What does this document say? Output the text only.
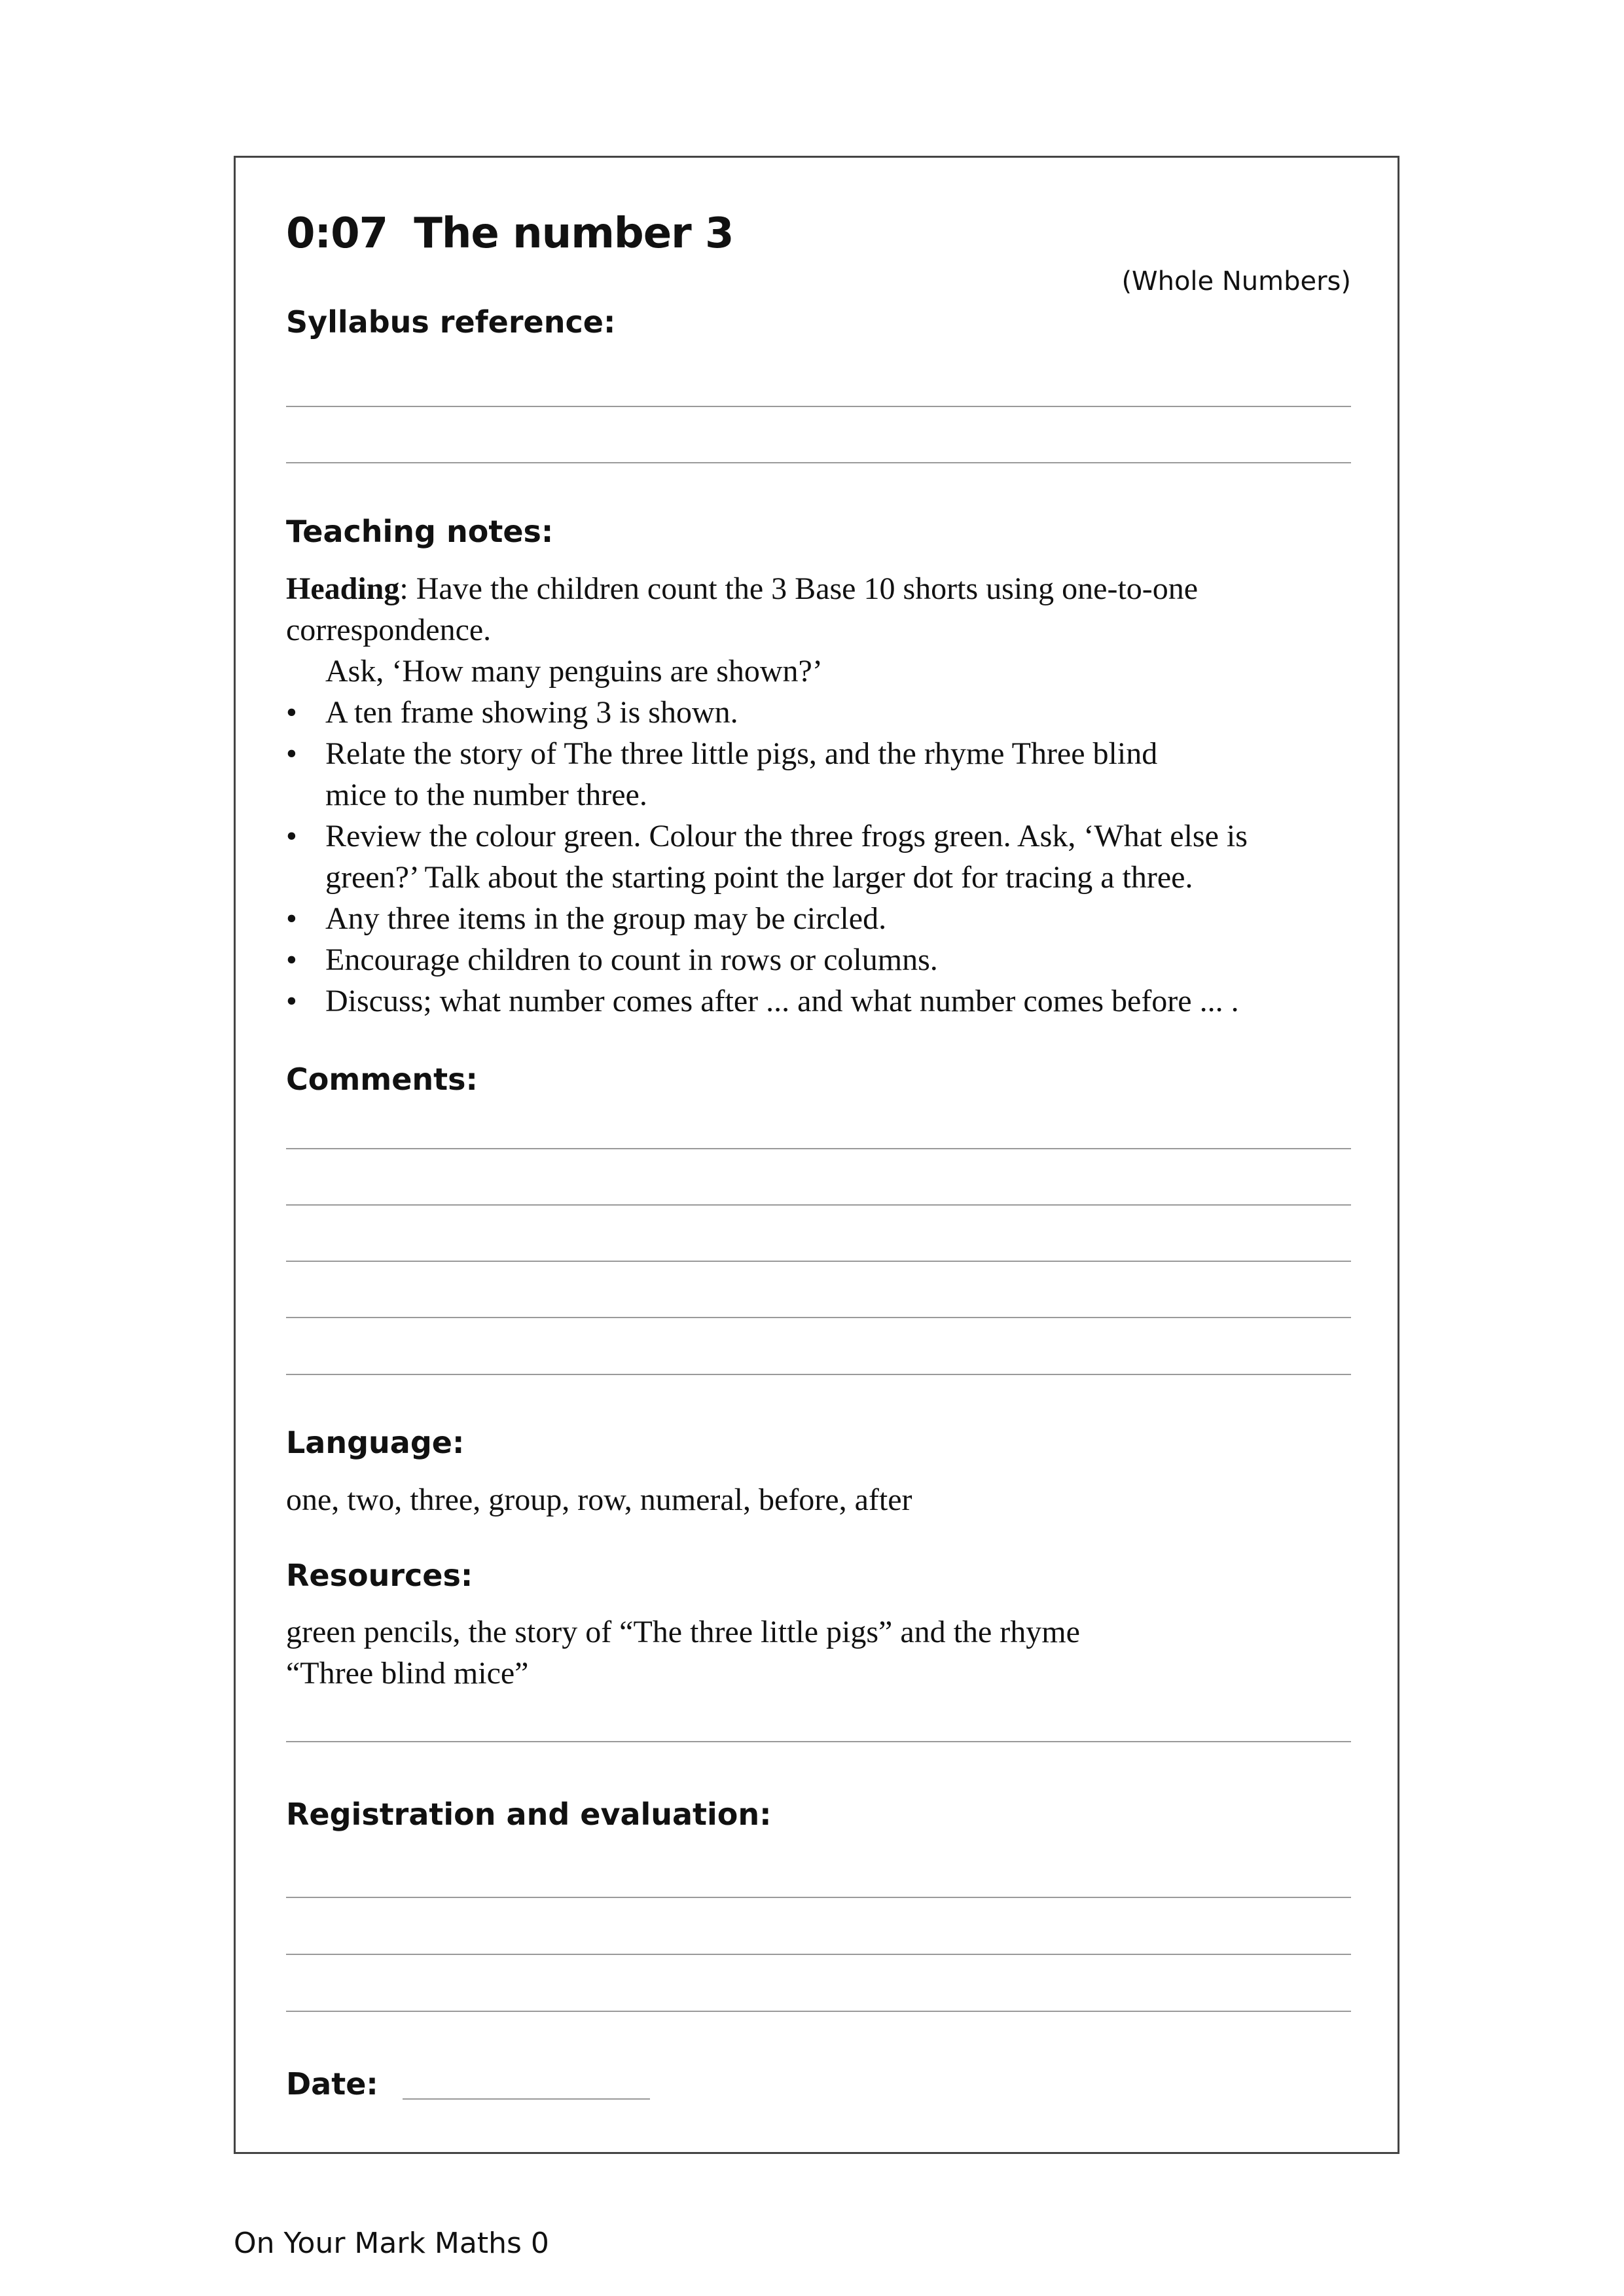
0:07 The number 3
(Whole Numbers)
Syllabus reference:
Teaching notes:

Heading: Have the children count the 3 Base 10 shorts using one-to-one correspondence.

Ask, ‘How many penguins are shown?’

• A ten frame showing 3 is shown.
• Relate the story of The three little pigs, and the rhyme Three blind mice to the number three.
• Review the colour green. Colour the three frogs green. Ask, ‘What else is green?’ Talk about the starting point the larger dot for tracing a three.
• Any three items in the group may be circled.
• Encourage children to count in rows or columns.
• Discuss; what number comes after ... and what number comes before ... .
Comments:
Language:
one, two, three, group, row, numeral, before, after
Resources:

green pencils, the story of “The three little pigs” and the rhyme

“Three blind mice”

Registration and evaluation:
Date:
On Your Mark Maths 0
